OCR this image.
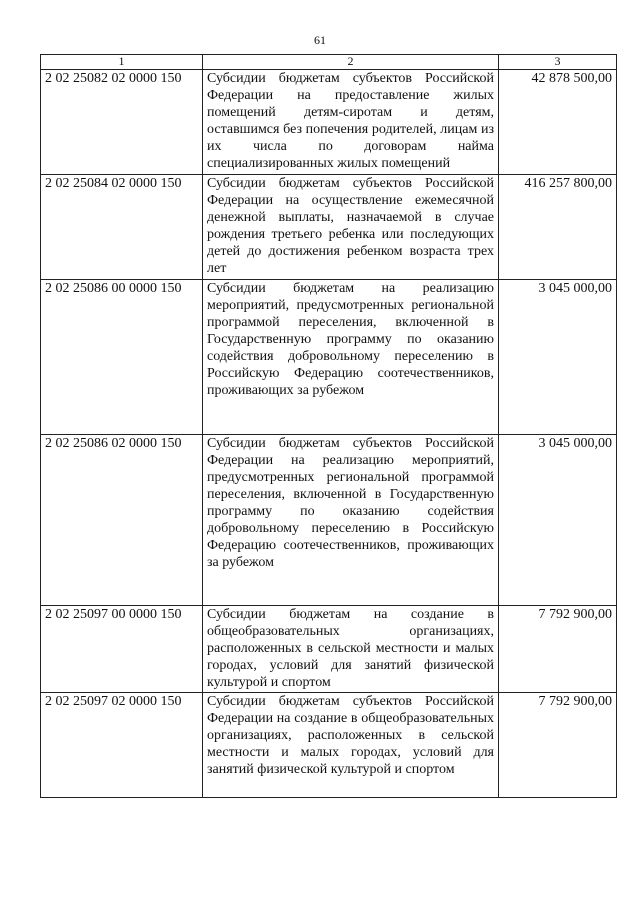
61
1	2	3
2 02 25082 02 0000 150	Субсидии бюджетам субъектов Российской Федерации на предоставление жилых помещений детям-сиротам и детям, оставшимся без попечения родителей, лицам из их числа по договорам найма специализированных жилых помещений	42 878 500,00
2 02 25084 02 0000 150	Субсидии бюджетам субъектов Российской Федерации на осуществление ежемесячной денежной выплаты, назначаемой в случае рождения третьего ребенка или последующих детей до достижения ребенком возраста трех лет	416 257 800,00
2 02 25086 00 0000 150	Субсидии бюджетам на реализацию мероприятий, предусмотренных региональной программой переселения, включенной в Государственную программу по оказанию содействия добровольному переселению в Российскую Федерацию соотечественников, проживающих за рубежом	3 045 000,00
2 02 25086 02 0000 150	Субсидии бюджетам субъектов Российской Федерации на реализацию мероприятий, предусмотренных региональной программой переселения, включенной в Государственную программу по оказанию содействия добровольному переселению в Российскую Федерацию соотечественников, проживающих за рубежом	3 045 000,00
2 02 25097 00 0000 150	Субсидии бюджетам на создание в общеобразовательных организациях, расположенных в сельской местности и малых городах, условий для занятий физической культурой и спортом	7 792 900,00
2 02 25097 02 0000 150	Субсидии бюджетам субъектов Российской Федерации на создание в общеобразовательных организациях, расположенных в сельской местности и малых городах, условий для занятий физической культурой и спортом	7 792 900,00
